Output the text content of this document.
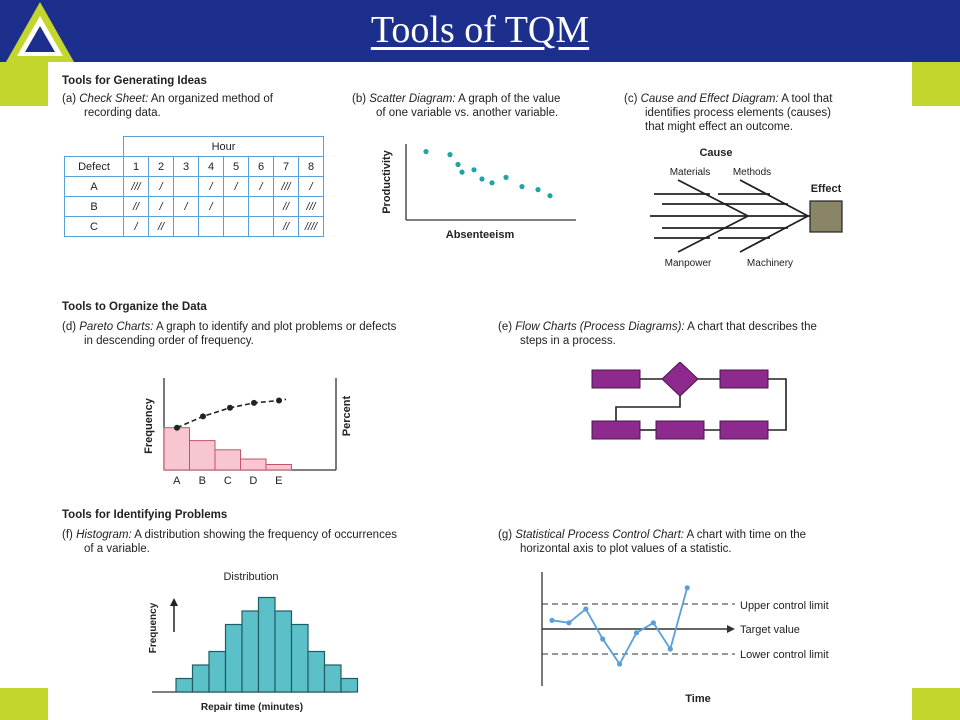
Tools of TQM
Tools for Generating Ideas
Tools to Organize the Data
Tools for Identifying Problems
(a) Check Sheet: An organized method of
recording data.
	Hour							
Defect	1	2	3	4	5	6	7	8
A	///	/		/	/	/	///	/
B	//	/	/	/			//	///
C	/	//					//	////
(b) Scatter Diagram: A graph of the value
of one variable vs. another variable.
Productivity
Absenteeism
(c) Cause and Effect Diagram: A tool that
identifies process elements (causes)
that might effect an outcome.
Cause
Effect
Materials Methods
Manpower	Machinery
(d) Pareto Charts: A graph to identify and plot problems or defects
in descending order of frequency.
Frequency	Percent
A B C D E
(e) Flow Charts (Process Diagrams): A chart that describes the
steps in a process.
(f) Histogram: A distribution showing the frequency of occurrences
of a variable.
Distribution
Frequency
Repair time (minutes)
(g) Statistical Process Control Chart: A chart with time on the
horizontal axis to plot values of a statistic.
Time
Upper control limit
Target value
Lower control limit
